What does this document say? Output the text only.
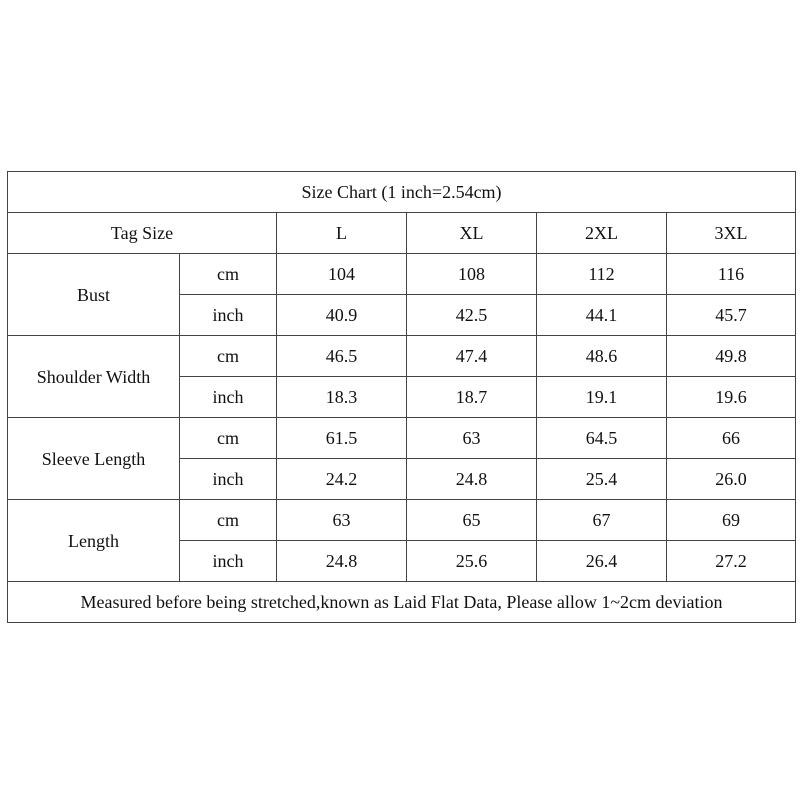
Size Chart (1 inch=2.54cm)					
Tag Size		L	XL	2XL	3XL
Bust	cm	104	108	112	116
	inch	40.9	42.5	44.1	45.7
Shoulder Width	cm	46.5	47.4	48.6	49.8
	inch	18.3	18.7	19.1	19.6
Sleeve Length	cm	61.5	63	64.5	66
	inch	24.2	24.8	25.4	26.0
Length	cm	63	65	67	69
	inch	24.8	25.6	26.4	27.2
Measured before being stretched,known as Laid Flat Data, Please allow 1~2cm deviation					
